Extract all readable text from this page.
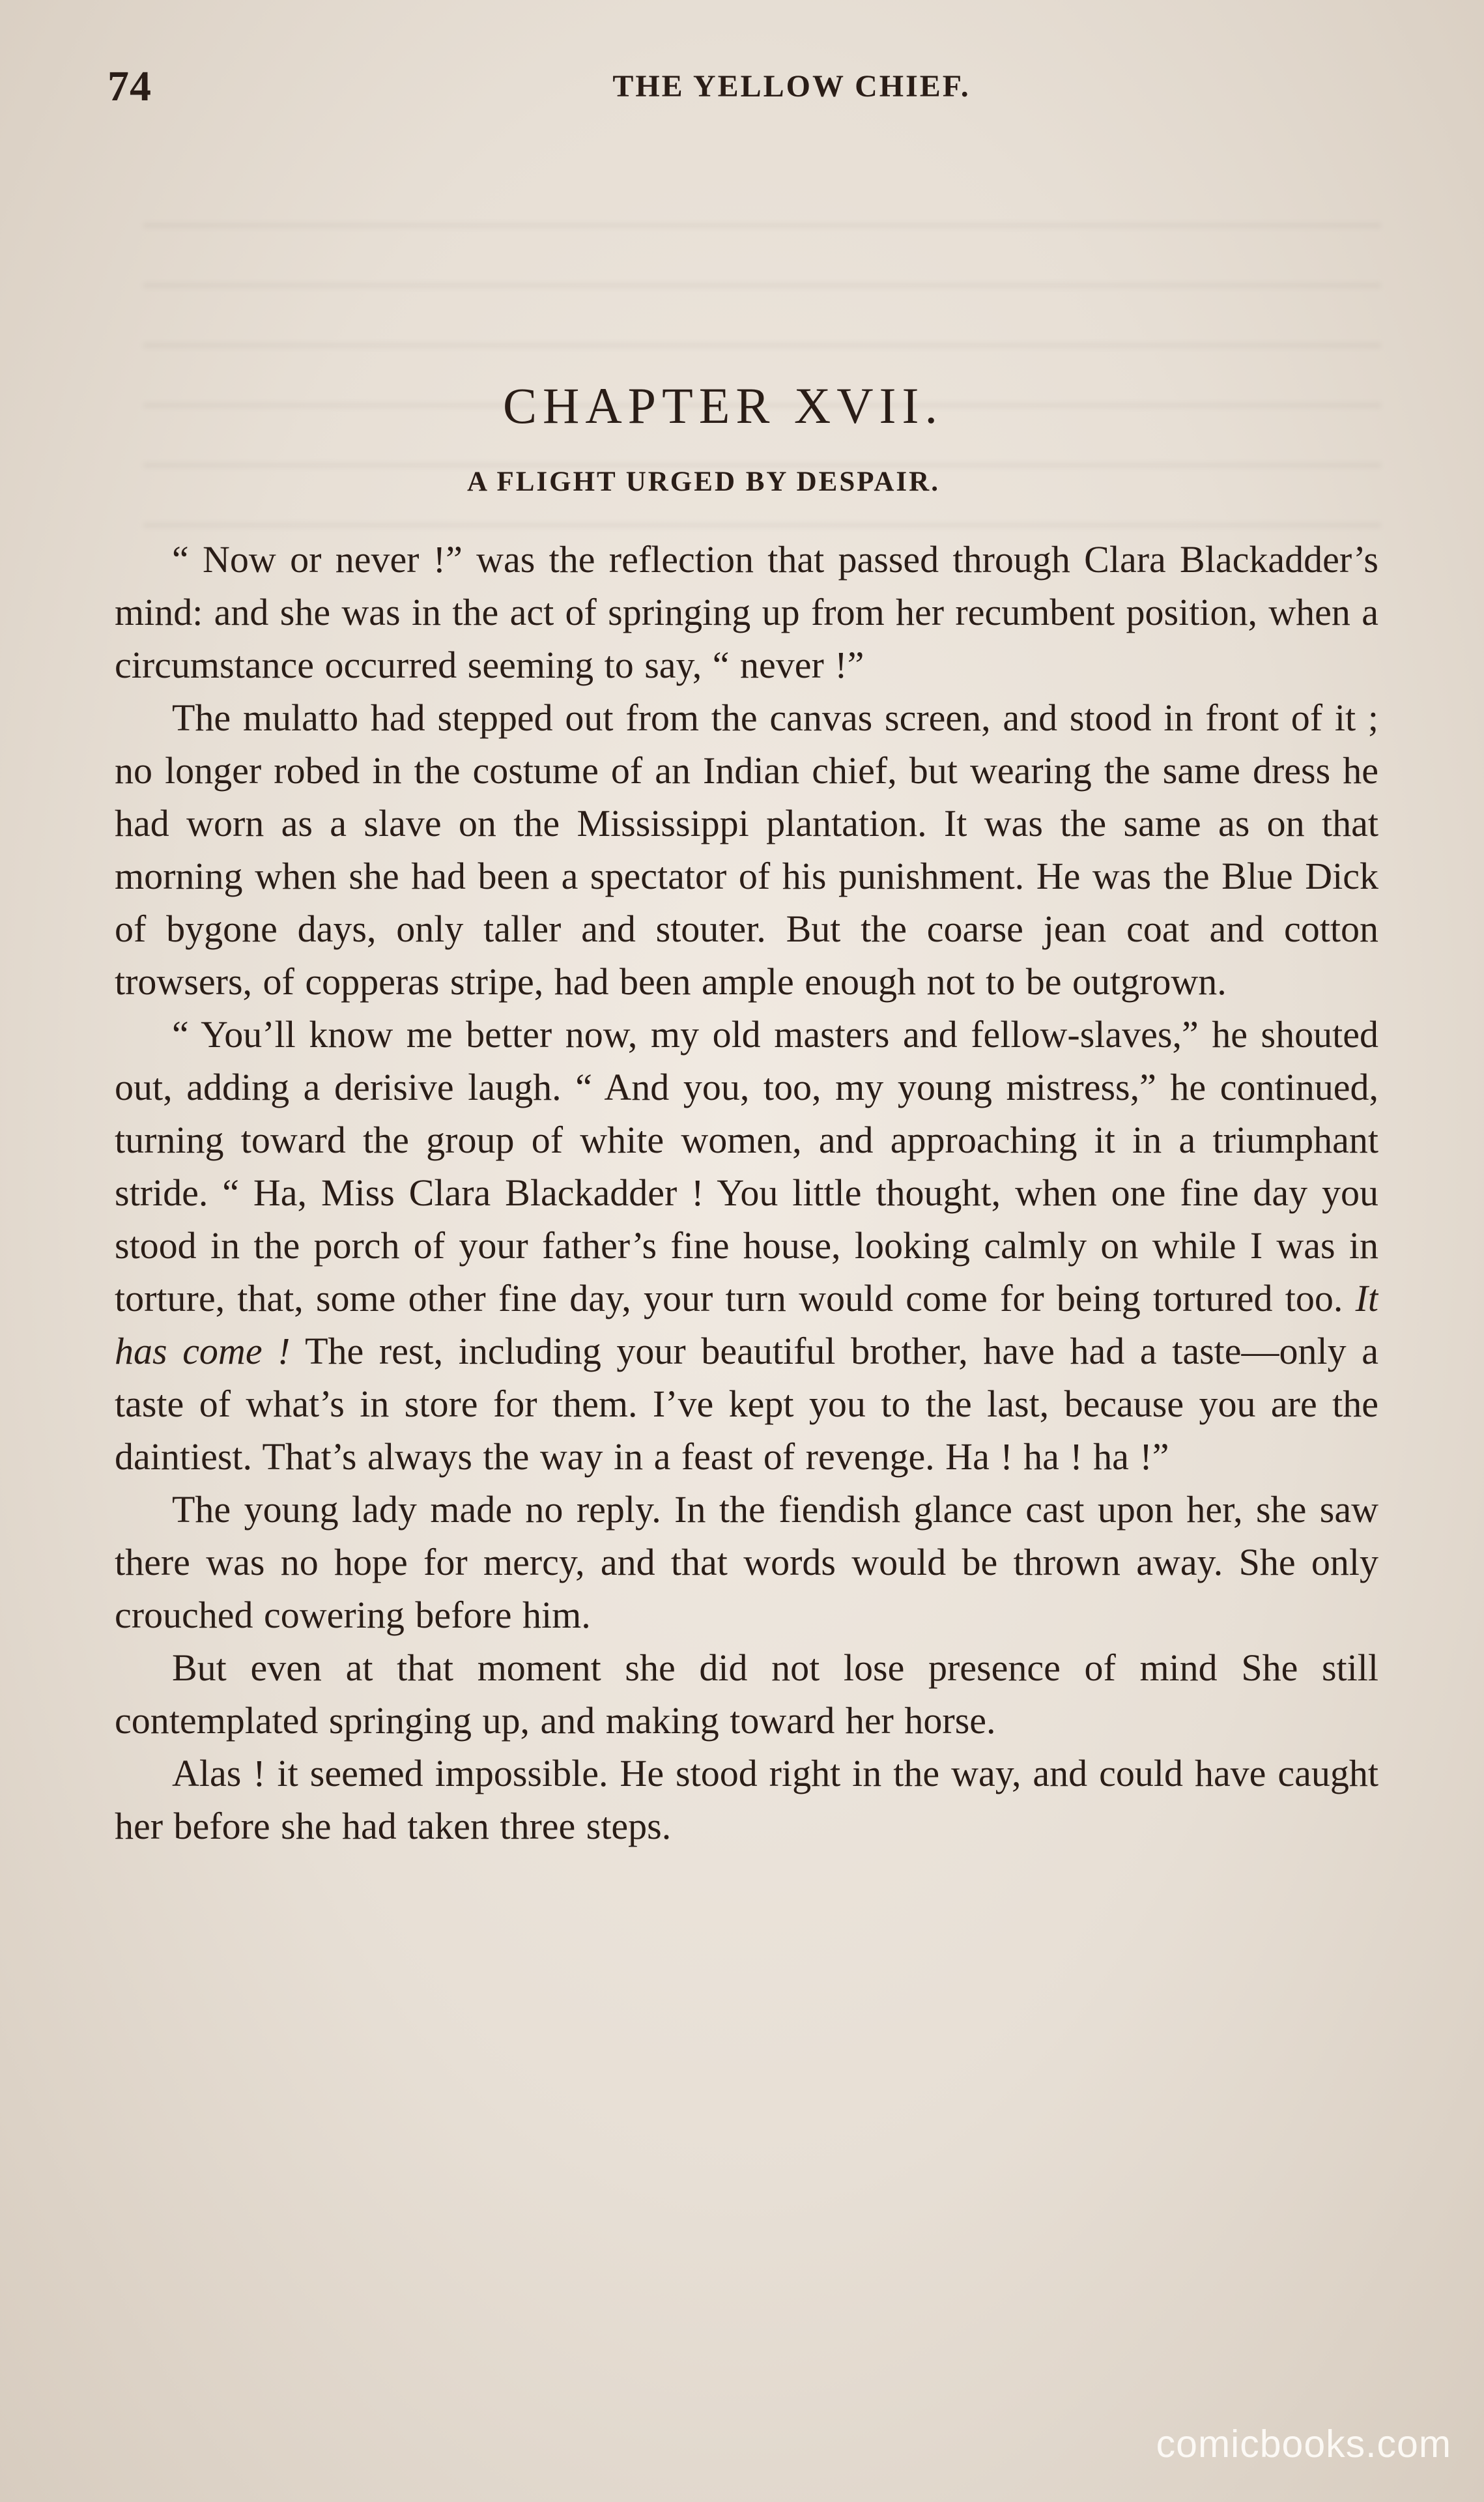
74	THE YELLOW CHIEF.
CHAPTER XVII.
A FLIGHT URGED BY DESPAIR.

“ Now or never !” was the reflection that passed through Clara Blackadder’s mind: and she was in the act of springing up from her recumbent position, when a circumstance occurred seeming to say, “ never !”

The mulatto had stepped out from the canvas screen, and stood in front of it ; no longer robed in the costume of an Indian chief, but wearing the same dress he had worn as a slave on the Mississippi plantation. It was the same as on that morning when she had been a spectator of his punishment. He was the Blue Dick of bygone days, only taller and stouter. But the coarse jean coat and cotton trowsers, of copperas stripe, had been ample enough not to be outgrown.

“ You’ll know me better now, my old masters and fellow-slaves,” he shouted out, adding a derisive laugh. “ And you, too, my young mistress,” he continued, turning toward the group of white women, and approaching it in a triumphant stride. “ Ha, Miss Clara Blackadder ! You little thought, when one fine day you stood in the porch of your father’s fine house, looking calmly on while I was in torture, that, some other fine day, your turn would come for being tortured too. It has come ! The rest, including your beautiful brother, have had a taste—only a taste of what’s in store for them. I’ve kept you to the last, because you are the daintiest. That’s always the way in a feast of revenge. Ha ! ha ! ha !”

The young lady made no reply. In the fiendish glance cast upon her, she saw there was no hope for mercy, and that words would be thrown away. She only crouched cowering before him.

But even at that moment she did not lose presence of mind She still contemplated springing up, and making toward her horse.

Alas ! it seemed impossible. He stood right in the way, and could have caught her before she had taken three steps.

comicbooks.com
